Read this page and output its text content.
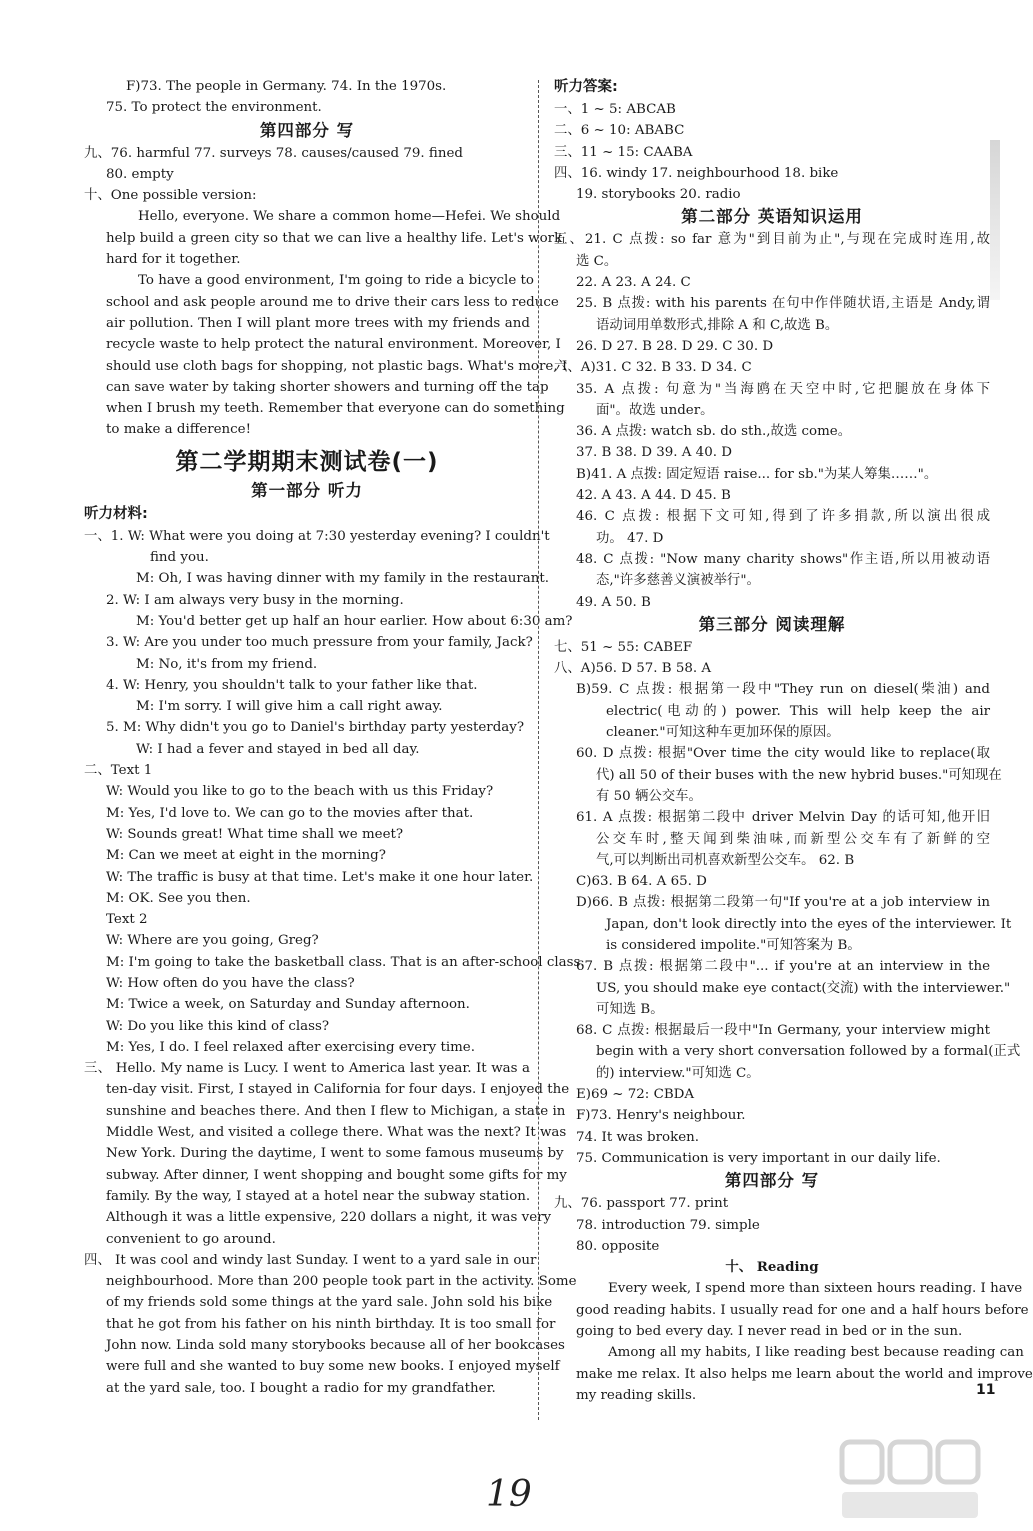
F)73. The people in Germany. 74. In the 1970s.
75. To protect the environment.
第四部分 写
九、76. harmful 77. surveys 78. causes/caused 79. fined
80. empty
十、One possible version:
Hello, everyone. We share a common home—Hefei. We should
help build a green city so that we can live a healthy life. Let's work
hard for it together.
To have a good environment, I'm going to ride a bicycle to
school and ask people around me to drive their cars less to reduce
air pollution. Then I will plant more trees with my friends and
recycle waste to help protect the natural environment. Moreover, I
should use cloth bags for shopping, not plastic bags. What's more, I
can save water by taking shorter showers and turning off the tap
when I brush my teeth. Remember that everyone can do something
to make a difference!
第二学期期末测试卷(一)
第一部分 听力
听力材料:
一、1. W: What were you doing at 7:30 yesterday evening? I couldn't
find you.
M: Oh, I was having dinner with my family in the restaurant.
2. W: I am always very busy in the morning.
M: You'd better get up half an hour earlier. How about 6:30 am?
3. W: Are you under too much pressure from your family, Jack?
M: No, it's from my friend.
4. W: Henry, you shouldn't talk to your father like that.
M: I'm sorry. I will give him a call right away.
5. M: Why didn't you go to Daniel's birthday party yesterday?
W: I had a fever and stayed in bed all day.
二、Text 1
W: Would you like to go to the beach with us this Friday?
M: Yes, I'd love to. We can go to the movies after that.
W: Sounds great! What time shall we meet?
M: Can we meet at eight in the morning?
W: The traffic is busy at that time. Let's make it one hour later.
M: OK. See you then.
Text 2
W: Where are you going, Greg?
M: I'm going to take the basketball class. That is an after-school class.
W: How often do you have the class?
M: Twice a week, on Saturday and Sunday afternoon.
W: Do you like this kind of class?
M: Yes, I do. I feel relaxed after exercising every time.
三、 Hello. My name is Lucy. I went to America last year. It was a
ten-day visit. First, I stayed in California for four days. I enjoyed the
sunshine and beaches there. And then I flew to Michigan, a state in
Middle West, and visited a college there. What was the next? It was
New York. During the daytime, I went to some famous museums by
subway. After dinner, I went shopping and bought some gifts for my
family. By the way, I stayed at a hotel near the subway station.
Although it was a little expensive, 220 dollars a night, it was very
convenient to go around.
四、 It was cool and windy last Sunday. I went to a yard sale in our
neighbourhood. More than 200 people took part in the activity. Some
of my friends sold some things at the yard sale. John sold his bike
that he got from his father on his ninth birthday. It is too small for
John now. Linda sold many storybooks because all of her bookcases
were full and she wanted to buy some new books. I enjoyed myself
at the yard sale, too. I bought a radio for my grandfather.
听力答案:
一、1 ~ 5: ABCAB
二、6 ~ 10: ABABC
三、11 ~ 15: CAABA
四、16. windy 17. neighbourhood 18. bike
19. storybooks 20. radio
第二部分 英语知识运用
五、21. C 点拨: so far 意为"到目前为止",与现在完成时连用,故
选 C。
22. A 23. A 24. C
25. B 点拨: with his parents 在句中作伴随状语,主语是 Andy,谓
语动词用单数形式,排除 A 和 C,故选 B。
26. D 27. B 28. D 29. C 30. D
六、A)31. C 32. B 33. D 34. C
35. A 点拨: 句意为"当海鸥在天空中时,它把腿放在身体下
面"。故选 under。
36. A 点拨: watch sb. do sth.,故选 come。
37. B 38. D 39. A 40. D
B)41. A 点拨: 固定短语 raise... for sb."为某人筹集……"。
42. A 43. A 44. D 45. B
46. C 点拨: 根据下文可知,得到了许多捐款,所以演出很成
功。 47. D
48. C 点拨: "Now many charity shows"作主语,所以用被动语
态,"许多慈善义演被举行"。
49. A 50. B
第三部分 阅读理解
七、51 ~ 55: CABEF
八、A)56. D 57. B 58. A
B)59. C 点拨: 根据第一段中"They run on diesel(柴油) and
electric(电动的) power. This will help keep the air
cleaner."可知这种车更加环保的原因。
60. D 点拨: 根据"Over time the city would like to replace(取
代) all 50 of their buses with the new hybrid buses."可知现在
有 50 辆公交车。
61. A 点拨: 根据第二段中 driver Melvin Day 的话可知,他开旧
公交车时,整天闻到柴油味,而新型公交车有了新鲜的空
气,可以判断出司机喜欢新型公交车。 62. B
C)63. B 64. A 65. D
D)66. B 点拨: 根据第二段第一句"If you're at a job interview in
Japan, don't look directly into the eyes of the interviewer. It
is considered impolite."可知答案为 B。
67. B 点拨: 根据第二段中"... if you're at an interview in the
US, you should make eye contact(交流) with the interviewer."
可知选 B。
68. C 点拨: 根据最后一段中"In Germany, your interview might
begin with a very short conversation followed by a formal(正式
的) interview."可知选 C。
E)69 ~ 72: CBDA
F)73. Henry's neighbour.
74. It was broken.
75. Communication is very important in our daily life.
第四部分 写
九、76. passport 77. print
78. introduction 79. simple
80. opposite
十、 Reading
Every week, I spend more than sixteen hours reading. I have
good reading habits. I usually read for one and a half hours before
going to bed every day. I never read in bed or in the sun.
Among all my habits, I like reading best because reading can
make me relax. It also helps me learn about the world and improve
my reading skills.	11
19
